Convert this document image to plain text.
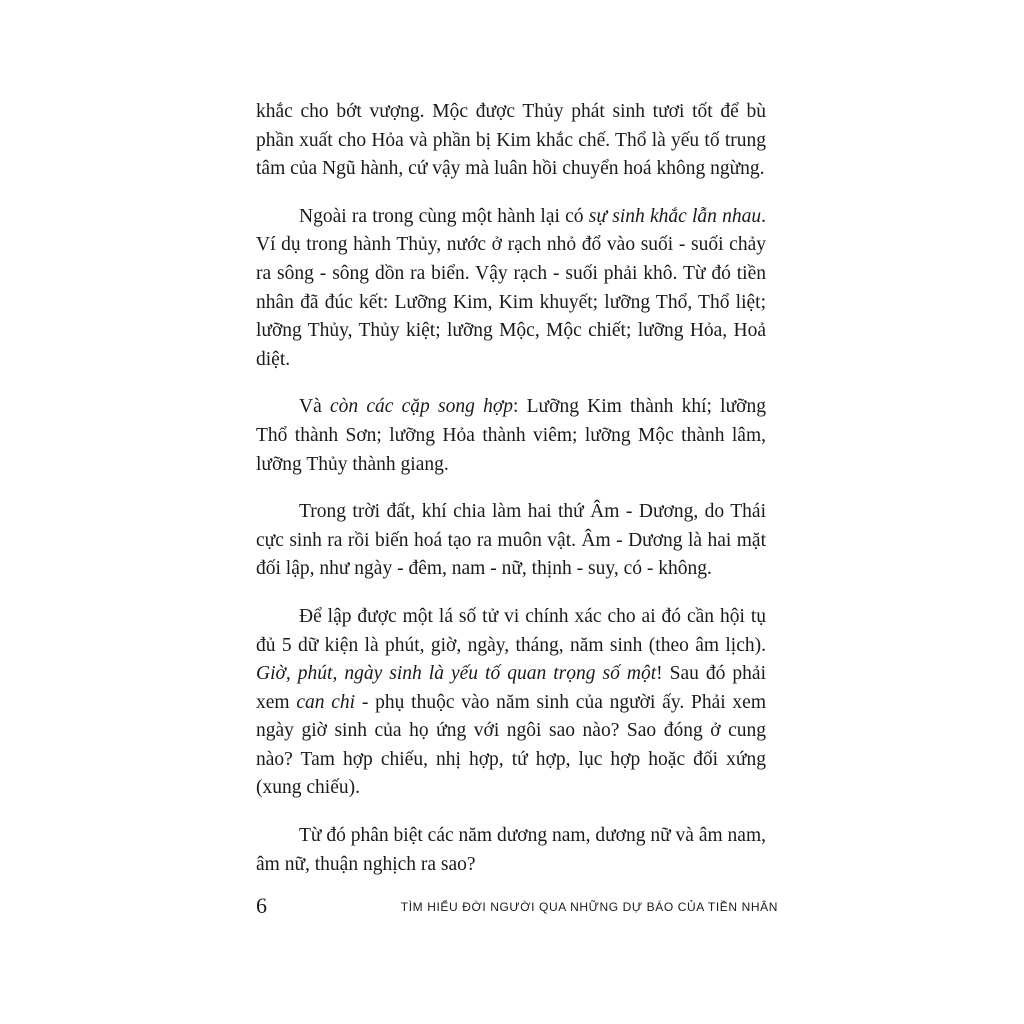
khắc cho bớt vượng. Mộc được Thủy phát sinh tươi tốt để bù phần xuất cho Hỏa và phần bị Kim khắc chế. Thổ là yếu tố trung tâm của Ngũ hành, cứ vậy mà luân hồi chuyển hoá không ngừng.

Ngoài ra trong cùng một hành lại có sự sinh khắc lẫn nhau. Ví dụ trong hành Thủy, nước ở rạch nhỏ đổ vào suối - suối chảy ra sông - sông dồn ra biển. Vậy rạch - suối phải khô. Từ đó tiền nhân đã đúc kết: Lưỡng Kim, Kim khuyết; lưỡng Thổ, Thổ liệt; lưỡng Thủy, Thủy kiệt; lưỡng Mộc, Mộc chiết; lưỡng Hỏa, Hoả diệt.

Và còn các cặp song hợp: Lưỡng Kim thành khí; lưỡng Thổ thành Sơn; lưỡng Hỏa thành viêm; lưỡng Mộc thành lâm, lưỡng Thủy thành giang.

Trong trời đất, khí chia làm hai thứ Âm - Dương, do Thái cực sinh ra rồi biến hoá tạo ra muôn vật. Âm - Dương là hai mặt đối lập, như ngày - đêm, nam - nữ, thịnh - suy, có - không.

Để lập được một lá số tử vi chính xác cho ai đó cần hội tụ đủ 5 dữ kiện là phút, giờ, ngày, tháng, năm sinh (theo âm lịch). Giờ, phút, ngày sinh là yếu tố quan trọng số một! Sau đó phải xem can chi - phụ thuộc vào năm sinh của người ấy. Phải xem ngày giờ sinh của họ ứng với ngôi sao nào? Sao đóng ở cung nào? Tam hợp chiếu, nhị hợp, tứ hợp, lục hợp hoặc đối xứng (xung chiếu).

Từ đó phân biệt các năm dương nam, dương nữ và âm nam, âm nữ, thuận nghịch ra sao?

6	TÌM HIỂU ĐỜI NGƯỜI QUA NHỮNG DỰ BÁO CỦA TIỀN NHÂN
